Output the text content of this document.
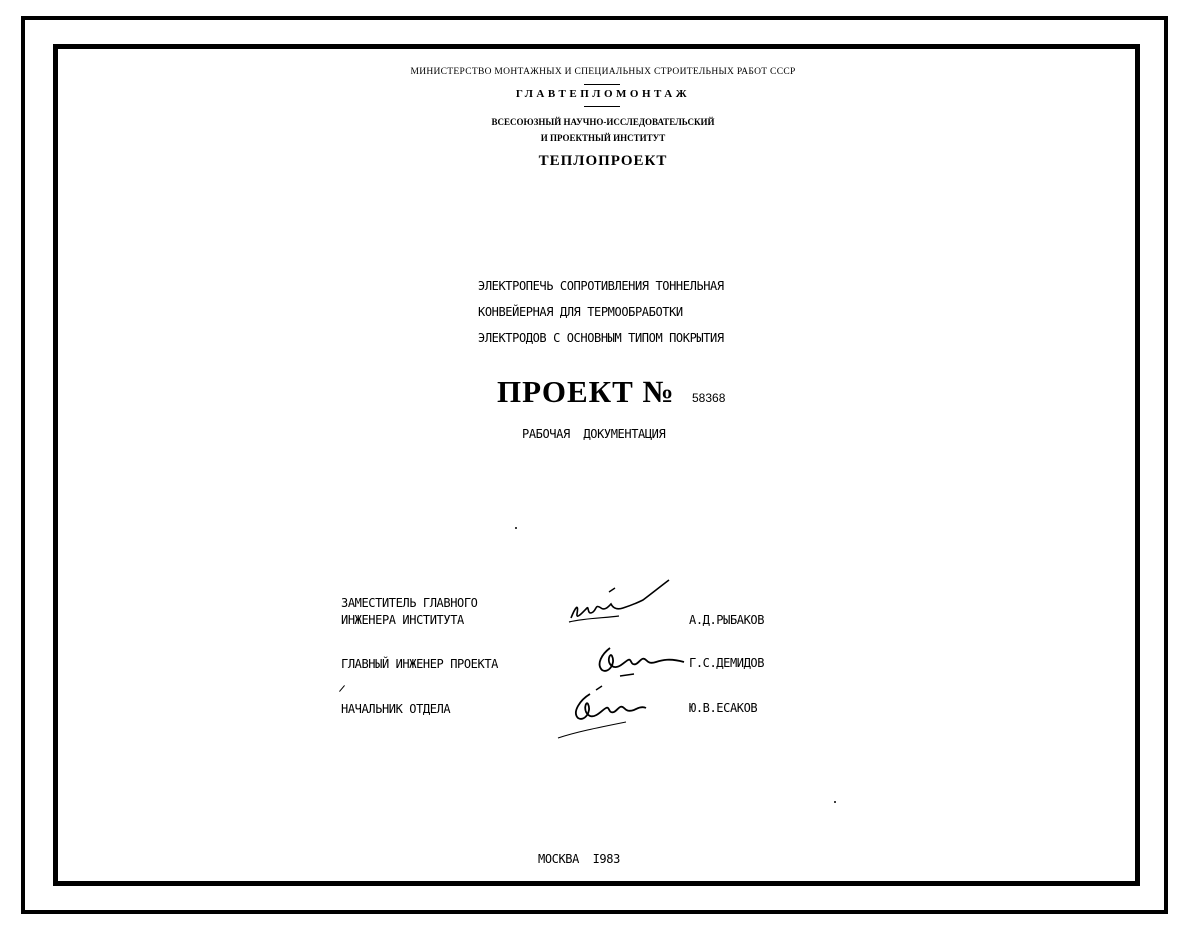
МИНИСТЕРСТВО МОНТАЖНЫХ И СПЕЦИАЛЬНЫХ СТРОИТЕЛЬНЫХ РАБОТ СССР
ГЛАВТЕПЛОМОНТАЖ
ВСЕСОЮЗНЫЙ НАУЧНО-ИССЛЕДОВАТЕЛЬСКИЙ
И ПРОЕКТНЫЙ ИНСТИТУТ
ТЕПЛОПРОЕКТ
ЭЛЕКТРОПЕЧЬ СОПРОТИВЛЕНИЯ ТОННЕЛЬНАЯ
КОНВЕЙЕРНАЯ ДЛЯ ТЕРМООБРАБОТКИ
ЭЛЕКТРОДОВ С ОСНОВНЫМ ТИПОМ ПОКРЫТИЯ
ПРОЕКТ № 58368
РАБОЧАЯ  ДОКУМЕНТАЦИЯ
ЗАМЕСТИТЕЛЬ ГЛАВНОГО
ИНЖЕНЕРА ИНСТИТУТА	А.Д.РЫБАКОВ
ГЛАВНЫЙ ИНЖЕНЕР ПРОЕКТА	Г.С.ДЕМИДОВ
НАЧАЛЬНИК ОТДЕЛА	Ю.В.ЕСАКОВ
МОСКВА  I983
